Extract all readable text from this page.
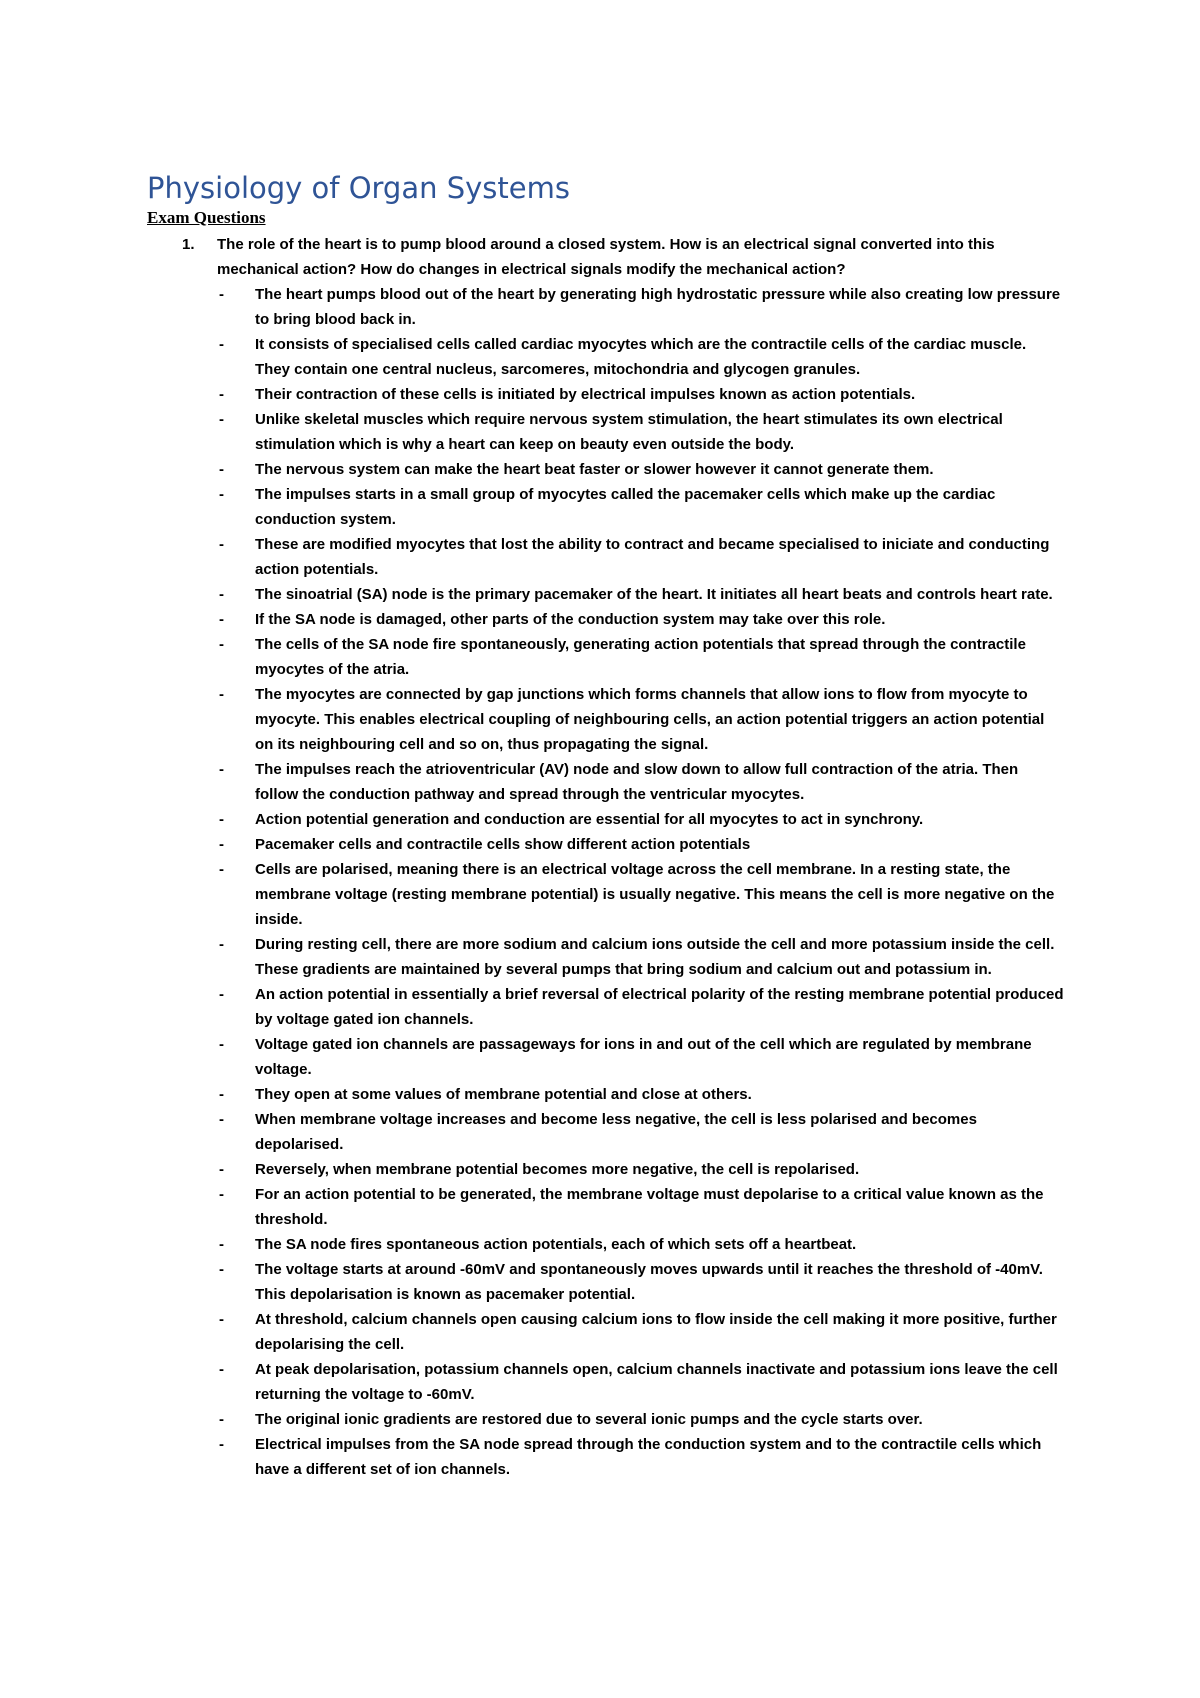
Physiology of Organ Systems
Exam Questions
1. The role of the heart is to pump blood around a closed system. How is an electrical signal converted into this mechanical action? How do changes in electrical signals modify the mechanical action?

- The heart pumps blood out of the heart by generating high hydrostatic pressure while also creating low pressure to bring blood back in.
- It consists of specialised cells called cardiac myocytes which are the contractile cells of the cardiac muscle. They contain one central nucleus, sarcomeres, mitochondria and glycogen granules.
- Their contraction of these cells is initiated by electrical impulses known as action potentials.
- Unlike skeletal muscles which require nervous system stimulation, the heart stimulates its own electrical stimulation which is why a heart can keep on beauty even outside the body.
- The nervous system can make the heart beat faster or slower however it cannot generate them.
- The impulses starts in a small group of myocytes called the pacemaker cells which make up the cardiac conduction system.
- These are modified myocytes that lost the ability to contract and became specialised to iniciate and conducting action potentials.
- The sinoatrial (SA) node is the primary pacemaker of the heart. It initiates all heart beats and controls heart rate.
- If the SA node is damaged, other parts of the conduction system may take over this role.
- The cells of the SA node fire spontaneously, generating action potentials that spread through the contractile myocytes of the atria.
- The myocytes are connected by gap junctions which forms channels that allow ions to flow from myocyte to myocyte. This enables electrical coupling of neighbouring cells, an action potential triggers an action potential on its neighbouring cell and so on, thus propagating the signal.
- The impulses reach the atrioventricular (AV) node and slow down to allow full contraction of the atria. Then follow the conduction pathway and spread through the ventricular myocytes.
- Action potential generation and conduction are essential for all myocytes to act in synchrony.
- Pacemaker cells and contractile cells show different action potentials
- Cells are polarised, meaning there is an electrical voltage across the cell membrane. In a resting state, the membrane voltage (resting membrane potential) is usually negative. This means the cell is more negative on the inside.
- During resting cell, there are more sodium and calcium ions outside the cell and more potassium inside the cell. These gradients are maintained by several pumps that bring sodium and calcium out and potassium in.
- An action potential in essentially a brief reversal of electrical polarity of the resting membrane potential produced by voltage gated ion channels.
- Voltage gated ion channels are passageways for ions in and out of the cell which are regulated by membrane voltage.
- They open at some values of membrane potential and close at others.
- When membrane voltage increases and become less negative, the cell is less polarised and becomes depolarised.
- Reversely, when membrane potential becomes more negative, the cell is repolarised.
- For an action potential to be generated, the membrane voltage must depolarise to a critical value known as the threshold.
- The SA node fires spontaneous action potentials, each of which sets off a heartbeat.
- The voltage starts at around -60mV and spontaneously moves upwards until it reaches the threshold of -40mV. This depolarisation is known as pacemaker potential.
- At threshold, calcium channels open causing calcium ions to flow inside the cell making it more positive, further depolarising the cell.
- At peak depolarisation, potassium channels open, calcium channels inactivate and potassium ions leave the cell returning the voltage to -60mV.
- The original ionic gradients are restored due to several ionic pumps and the cycle starts over.
- Electrical impulses from the SA node spread through the conduction system and to the contractile cells which have a different set of ion channels.
